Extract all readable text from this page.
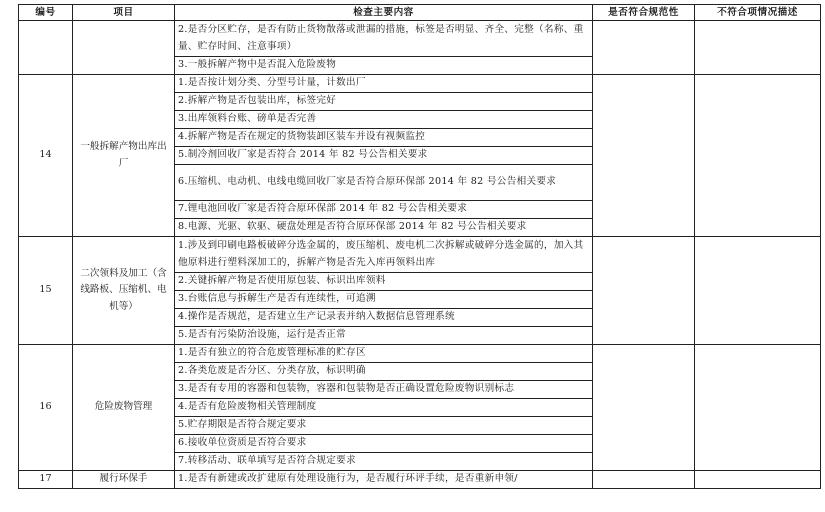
编号	项目	检查主要内容	是否符合规范性	不符合项情况描述
		2.是否分区贮存，是否有防止货物散落或泄漏的措施，标签是否明显、齐全、完整（名称、重量、贮存时间、注意事项）		
		3.一般拆解产物中是否混入危险废物		
14	一般拆解产物出库出厂	1.是否按计划分类、分型号计量，计数出厂		
		2.拆解产物是否包装出库，标签完好		
		3.出库领料台账、磅单是否完善		
		4.拆解产物是否在规定的货物装卸区装车并设有视频监控		
		5.制冷剂回收厂家是否符合 2014 年 82 号公告相关要求		
		6.压缩机、电动机、电线电缆回收厂家是否符合原环保部 2014 年 82 号公告相关要求		
		7.锂电池回收厂家是否符合原环保部 2014 年 82 号公告相关要求		
		8.电源、光驱、软驱、硬盘处理是否符合原环保部 2014 年 82 号公告相关要求		
15	二次领料及加工（含线路板、压缩机、电机等）	1.涉及到印刷电路板破碎分选金属的，废压缩机、废电机二次拆解或破碎分选金属的，加入其他原料进行塑料深加工的，拆解产物是否先入库再领料出库		
		2.关键拆解产物是否使用原包装、标识出库领料		
		3.台账信息与拆解生产是否有连续性，可追溯		
		4.操作是否规范，是否建立生产记录表并纳入数据信息管理系统		
		5.是否有污染防治设施，运行是否正常		
16	危险废物管理	1.是否有独立的符合危废管理标准的贮存区		
		2.各类危废是否分区、分类存放，标识明确		
		3.是否有专用的容器和包装物，容器和包装物是否正确设置危险废物识别标志		
		4.是否有危险废物相关管理制度		
		5.贮存期限是否符合规定要求		
		6.接收单位资质是否符合要求		
		7.转移活动、联单填写是否符合规定要求		
17	履行环保手	1.是否有新建或改扩建原有处理设施行为，是否履行环评手续，是否重新申领/		
